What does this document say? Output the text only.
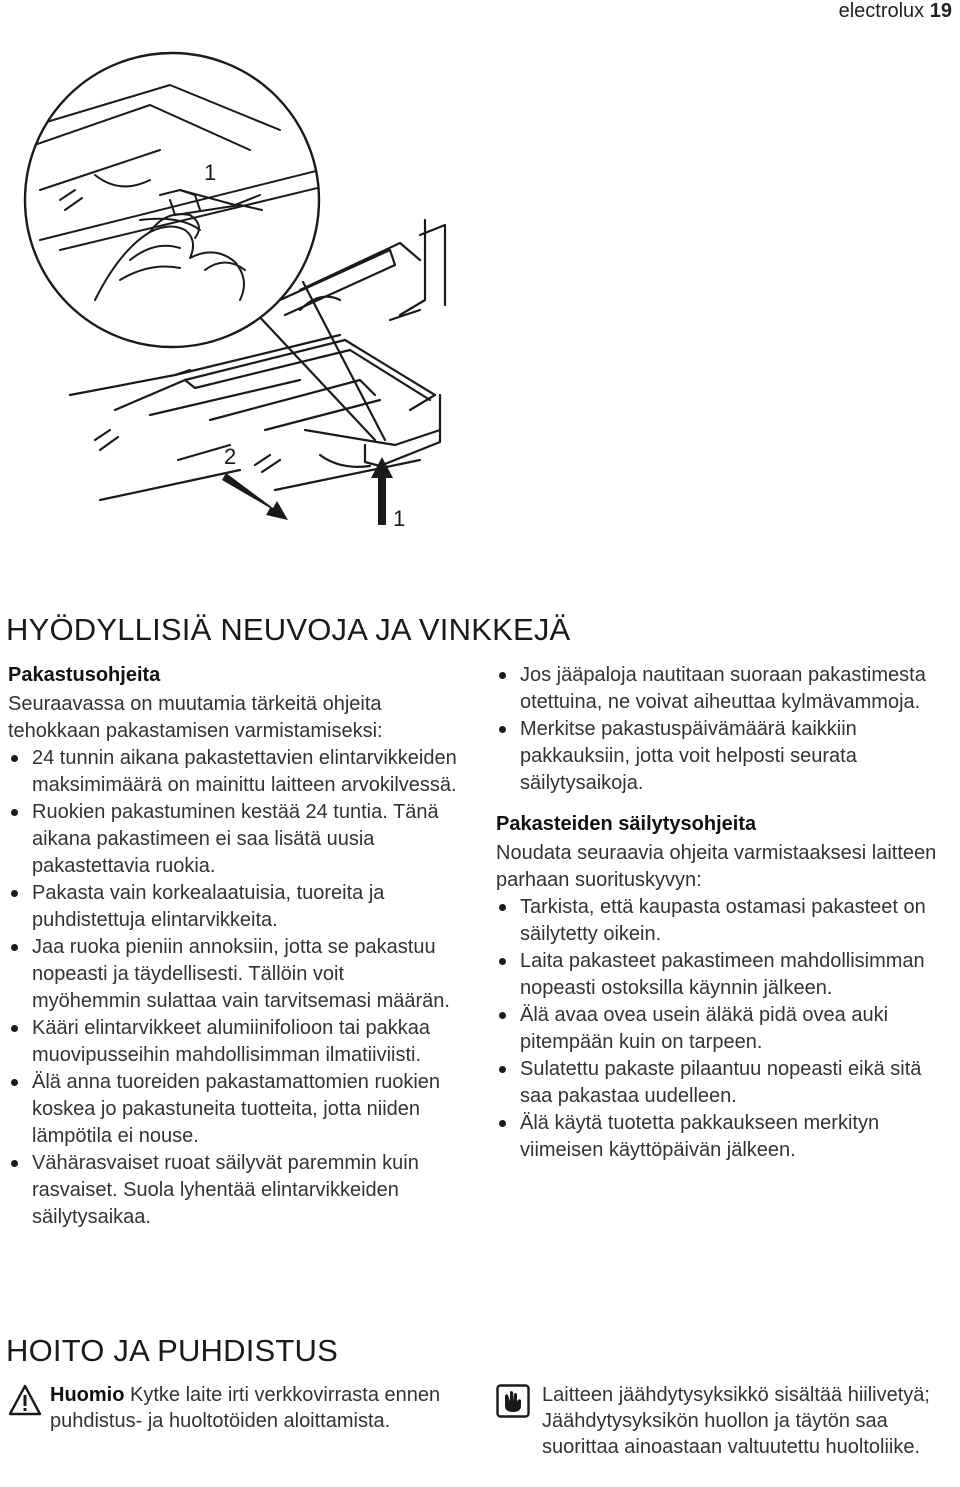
electrolux 19
1
2
1
HYÖDYLLISIÄ NEUVOJA JA VINKKEJÄ
Pakastusohjeita

Seuraavassa on muutamia tärkeitä ohjeita tehokkaan pakastamisen varmistamiseksi:

24 tunnin aikana pakastettavien elintarvikkeiden maksimimäärä on mainittu laitteen arvokilvessä.
Ruokien pakastuminen kestää 24 tuntia. Tänä aikana pakastimeen ei saa lisätä uusia pakastettavia ruokia.
Pakasta vain korkealaatuisia, tuoreita ja puhdistettuja elintarvikkeita.
Jaa ruoka pieniin annoksiin, jotta se pakastuu nopeasti ja täydellisesti. Tällöin voit myöhemmin sulattaa vain tarvitsemasi määrän.
Kääri elintarvikkeet alumiinifolioon tai pakkaa muovipusseihin mahdollisimman ilmatiiviisti.
Älä anna tuoreiden pakastamattomien ruokien koskea jo pakastuneita tuotteita, jotta niiden lämpötila ei nouse.
Vähärasvaiset ruoat säilyvät paremmin kuin rasvaiset. Suola lyhentää elintarvikkeiden säilytysaikaa.
Jos jääpaloja nautitaan suoraan pakastimesta otettuina, ne voivat aiheuttaa kylmävammoja.
Merkitse pakastuspäivämäärä kaikkiin pakkauksiin, jotta voit helposti seurata säilytysaikoja.
Pakasteiden säilytysohjeita

Noudata seuraavia ohjeita varmistaaksesi laitteen parhaan suorituskyvyn:

Tarkista, että kaupasta ostamasi pakasteet on säilytetty oikein.
Laita pakasteet pakastimeen mahdollisimman nopeasti ostoksilla käynnin jälkeen.
Älä avaa ovea usein äläkä pidä ovea auki pitempään kuin on tarpeen.
Sulatettu pakaste pilaantuu nopeasti eikä sitä saa pakastaa uudelleen.
Älä käytä tuotetta pakkaukseen merkityn viimeisen käyttöpäivän jälkeen.
HOITO JA PUHDISTUS
Huomio Kytke laite irti verkkovirrasta ennen puhdistus- ja huoltotöiden aloittamista.
Laitteen jäähdytysyksikkö sisältää hiilivetyä; Jäähdytysyksikön huollon ja täytön saa suorittaa ainoastaan valtuutettu huoltoliike.
